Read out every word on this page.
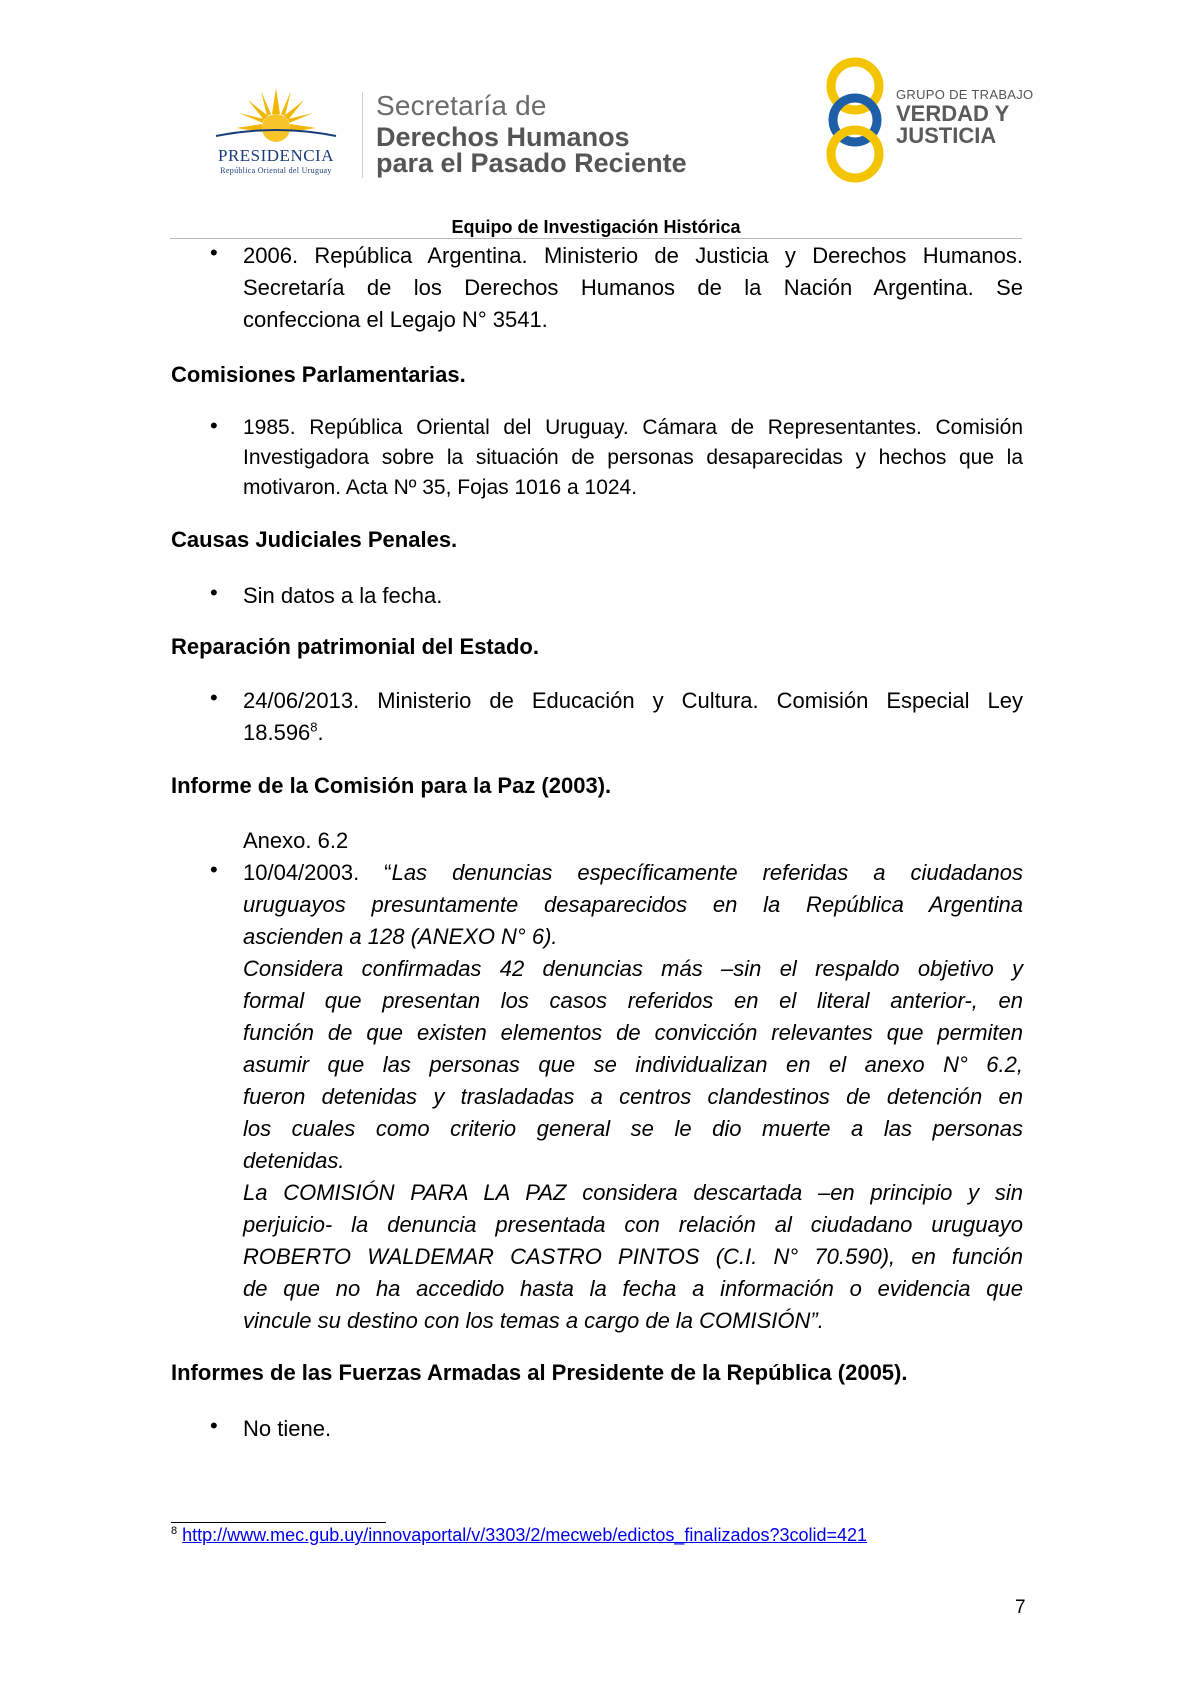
PRESIDENCIA
República Oriental del Uruguay
Secretaría de
Derechos Humanos
para el Pasado Reciente
GRUPO DE TRABAJO
VERDAD Y
JUSTICIA
Equipo de Investigación Histórica
• 2006. República Argentina. Ministerio de Justicia y Derechos Humanos.
Secretaría de los Derechos Humanos de la Nación Argentina. Se
confecciona el Legajo N° 3541.
Comisiones Parlamentarias.
• 1985. República Oriental del Uruguay. Cámara de Representantes. Comisión
Investigadora sobre la situación de personas desaparecidas y hechos que la
motivaron. Acta Nº 35, Fojas 1016 a 1024.
Causas Judiciales Penales.
• Sin datos a la fecha.
Reparación patrimonial del Estado.
• 24/06/2013. Ministerio de Educación y Cultura. Comisión Especial Ley
18.596$^8$.
Informe de la Comisión para la Paz (2003).
Anexo. 6.2
• 10/04/2003. “Las denuncias específicamente referidas a ciudadanos
uruguayos presuntamente desaparecidos en la República Argentina
ascienden a 128 (ANEXO N° 6).
Considera confirmadas 42 denuncias más –sin el respaldo objetivo y
formal que presentan los casos referidos en el literal anterior-, en
función de que existen elementos de convicción relevantes que permiten
asumir que las personas que se individualizan en el anexo N° 6.2,
fueron detenidas y trasladadas a centros clandestinos de detención en
los cuales como criterio general se le dio muerte a las personas
detenidas.
La COMISIÓN PARA LA PAZ considera descartada –en principio y sin
perjuicio- la denuncia presentada con relación al ciudadano uruguayo
ROBERTO WALDEMAR CASTRO PINTOS (C.I. N° 70.590), en función
de que no ha accedido hasta la fecha a información o evidencia que
vincule su destino con los temas a cargo de la COMISIÓN”.
Informes de las Fuerzas Armadas al Presidente de la República (2005).
• No tiene.
$^8$ http://www.mec.gub.uy/innovaportal/v/3303/2/mecweb/edictos_finalizados?3colid=421
7
